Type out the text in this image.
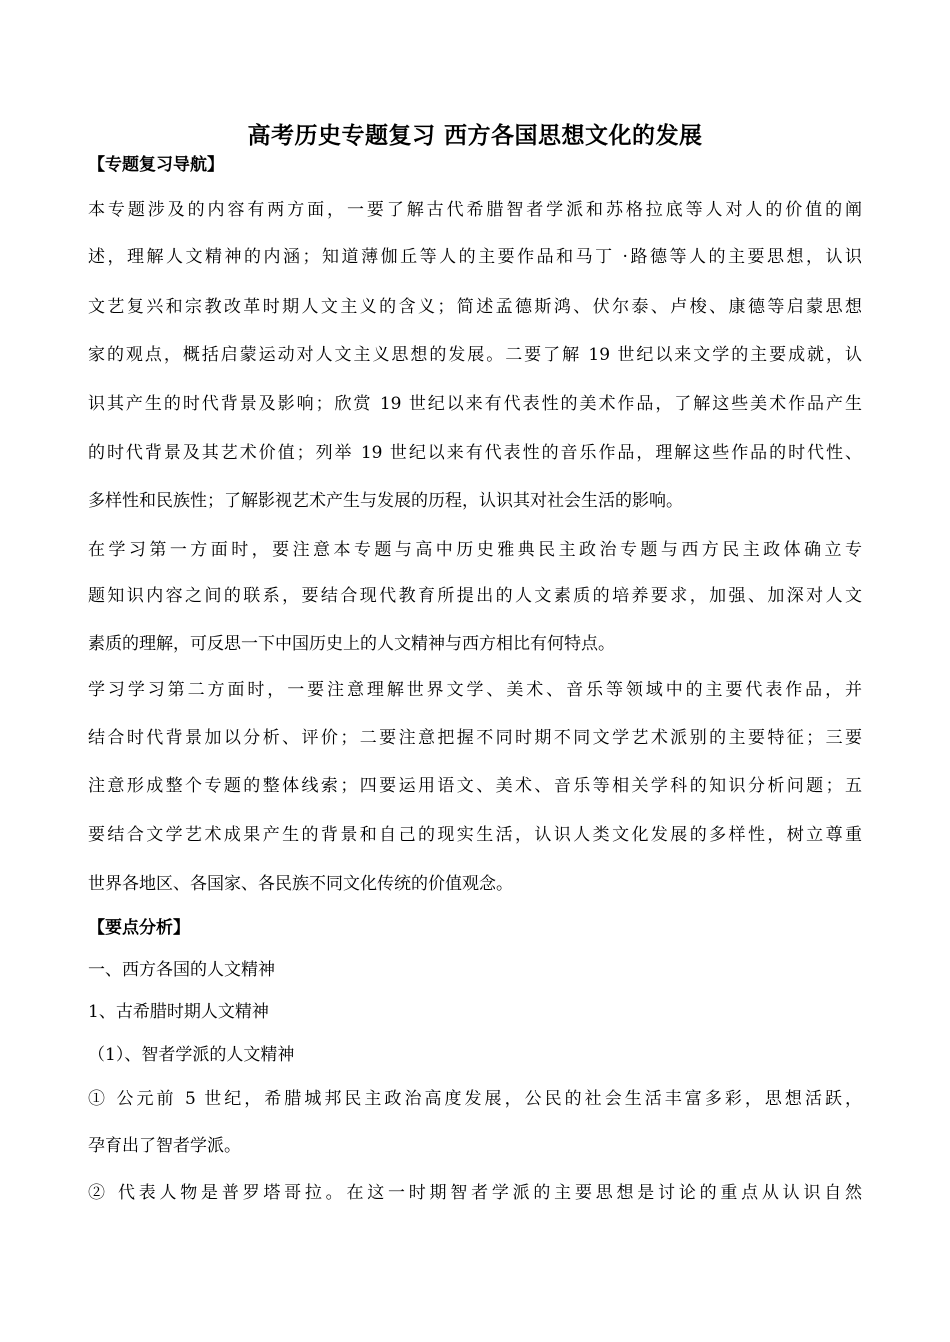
高考历史专题复习 西方各国思想文化的发展
【专题复习导航】
本专题涉及的内容有两方面，一要了解古代希腊智者学派和苏格拉底等人对人的价值的阐
述，理解人文精神的内涵；知道薄伽丘等人的主要作品和马丁 ·路德等人的主要思想，认识
文艺复兴和宗教改革时期人文主义的含义；简述孟德斯鸿、伏尔泰、卢梭、康德等启蒙思想
家的观点，概括启蒙运动对人文主义思想的发展。二要了解 19 世纪以来文学的主要成就，认
识其产生的时代背景及影响；欣赏 19 世纪以来有代表性的美术作品，了解这些美术作品产生
的时代背景及其艺术价值；列举 19 世纪以来有代表性的音乐作品，理解这些作品的时代性、
多样性和民族性；了解影视艺术产生与发展的历程，认识其对社会生活的影响。
在学习第一方面时，要注意本专题与高中历史雅典民主政治专题与西方民主政体确立专
题知识内容之间的联系，要结合现代教育所提出的人文素质的培养要求，加强、加深对人文
素质的理解，可反思一下中国历史上的人文精神与西方相比有何特点。
学习学习第二方面时，一要注意理解世界文学、美术、音乐等领域中的主要代表作品，并
结合时代背景加以分析、评价；二要注意把握不同时期不同文学艺术派别的主要特征；三要
注意形成整个专题的整体线索；四要运用语文、美术、音乐等相关学科的知识分析问题；五
要结合文学艺术成果产生的背景和自己的现实生活，认识人类文化发展的多样性，树立尊重
世界各地区、各国家、各民族不同文化传统的价值观念。
【要点分析】
一、西方各国的人文精神
1、古希腊时期人文精神
（1）、智者学派的人文精神
① 公元前 5 世纪，希腊城邦民主政治高度发展，公民的社会生活丰富多彩，思想活跃，
孕育出了智者学派。
② 代表人物是普罗塔哥拉。在这一时期智者学派的主要思想是讨论的重点从认识自然
